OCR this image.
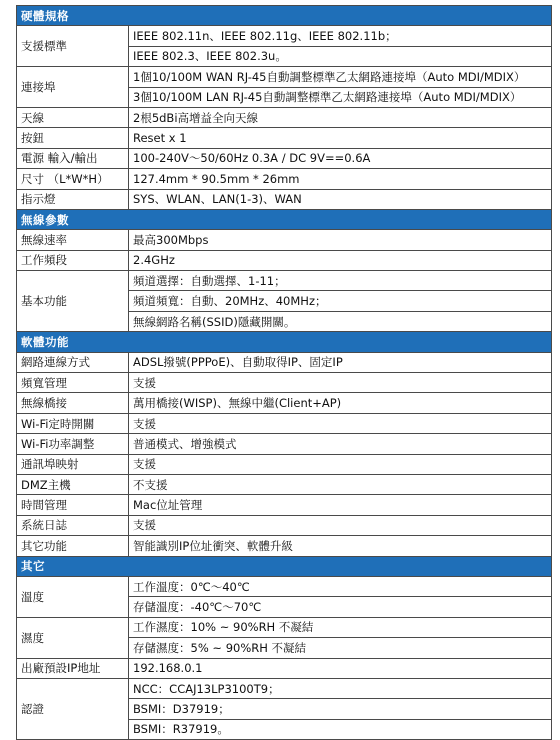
硬體規格	
支援標準	IEEE 802.11n、IEEE 802.11g、IEEE 802.11b；
	IEEE 802.3、IEEE 802.3u。
連接埠	1個10/100M WAN RJ-45自動調整標準乙太網路連接埠（Auto MDI/MDIX）
	3個10/100M LAN RJ-45自動調整標準乙太網路連接埠（Auto MDI/MDIX）
天線	2根5dBi高增益全向天線
按鈕	Reset x 1
電源 輸入/輸出	100-240V～50/60Hz 0.3A / DC 9V==0.6A
尺寸 （L*W*H）	127.4mm * 90.5mm * 26mm
指示燈	SYS、WLAN、LAN(1-3)、WAN
無線參數	
無線速率	最高300Mbps
工作頻段	2.4GHz
基本功能	頻道選擇：自動選擇、1-11；
	頻道頻寬：自動、20MHz、40MHz；
	無線網路名稱(SSID)隱藏開關。
軟體功能	
網路連線方式	ADSL撥號(PPPoE)、自動取得IP、固定IP
頻寬管理	支援
無線橋接	萬用橋接(WISP)、無線中繼(Client+AP)
Wi-Fi定時開關	支援
Wi-Fi功率調整	普通模式、增強模式
通訊埠映射	支援
DMZ主機	不支援
時間管理	Mac位址管理
系統日誌	支援
其它功能	智能識別IP位址衝突、軟體升級
其它	
溫度	工作溫度：0℃～40℃
	存儲溫度：-40℃～70℃
濕度	工作濕度：10% ~ 90%RH 不凝結
	存儲濕度：5% ~ 90%RH 不凝結
出廠預設IP地址	192.168.0.1
認證	NCC：CCAJ13LP3100T9；
	BSMI：D37919；
	BSMI：R37919。
